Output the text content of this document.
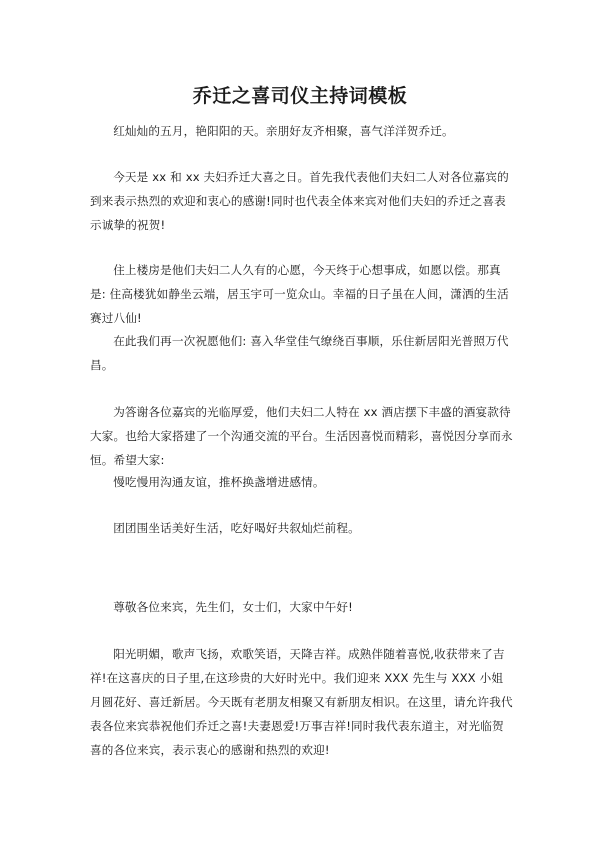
乔迁之喜司仪主持词模板

红灿灿的五月，艳阳阳的天。亲朋好友齐相聚，喜气洋洋贺乔迁。

今天是 xx 和 xx 夫妇乔迁大喜之日。首先我代表他们夫妇二人对各位嘉宾的到来表示热烈的欢迎和衷心的感谢!同时也代表全体来宾对他们夫妇的乔迁之喜表示诚挚的祝贺!

住上楼房是他们夫妇二人久有的心愿，今天终于心想事成，如愿以偿。那真是: 住高楼犹如静坐云端，居玉宇可一览众山。幸福的日子虽在人间，潇洒的生活赛过八仙!

在此我们再一次祝愿他们: 喜入华堂佳气缭绕百事顺，乐住新居阳光普照万代昌。

为答谢各位嘉宾的光临厚爱，他们夫妇二人特在 xx 酒店摆下丰盛的酒宴款待大家。也给大家搭建了一个沟通交流的平台。生活因喜悦而精彩，喜悦因分享而永恒。希望大家:

慢吃慢用沟通友谊，推杯换盏增进感情。

团团围坐话美好生活，吃好喝好共叙灿烂前程。

尊敬各位来宾，先生们，女士们，大家中午好!

阳光明媚，歌声飞扬，欢歌笑语，天降吉祥。成熟伴随着喜悦,收获带来了吉祥!在这喜庆的日子里,在这珍贵的大好时光中。我们迎来 XXX 先生与 XXX 小姐月圆花好、喜迁新居。今天既有老朋友相聚又有新朋友相识。在这里，请允许我代表各位来宾恭祝他们乔迁之喜!夫妻恩爱!万事吉祥!同时我代表东道主，对光临贺喜的各位来宾，表示衷心的感谢和热烈的欢迎!
